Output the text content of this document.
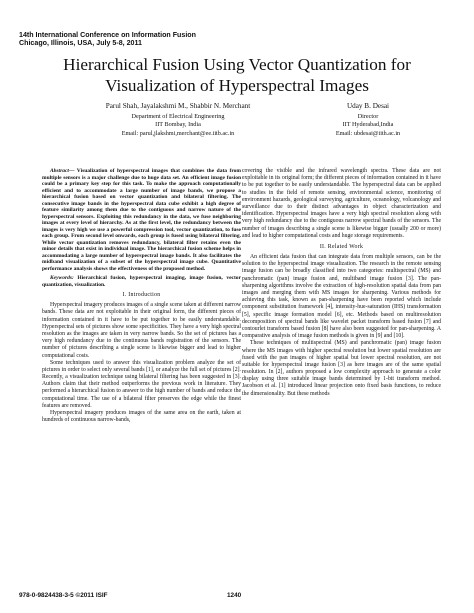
14th International Conference on Information Fusion
Chicago, Illinois, USA, July 5-8, 2011
Hierarchical Fusion Using Vector Quantization for
Visualization of Hyperspectral Images
Parul Shah, Jayalakshmi M., Shabbir N. Merchant
Department of Electrical Engineering
IIT Bombay, India
Email: parul,jlakshmi,merchant@ee.iitb.ac.in
Uday B. Desai
Director
IIT Hyderabad,India
Email: ubdesai@iith.ac.in

Abstract— Visualization of hyperspectral images that combines the data from multiple sensors is a major challenge due to huge data set. An efficient image fusion could be a primary key step for this task. To make the approach computationally efficient and to accommodate a large number of image bands, we propose a hierarchical fusion based on vector quantization and bilateral filtering. The consecutive image bands in the hyperspectral data cube exhibit a high degree of feature similarity among them due to the contiguous and narrow nature of the hyperspectral sensors. Exploiting this redundancy in the data, we fuse neighboring images at every level of hierarchy. As at the first level, the redundancy between the images is very high we use a powerful compression tool, vector quantization, to fuse each group. From second level onwards, each group is fused using bilateral filtering. While vector quantization removes redundancy, bilateral filter retains even the minor details that exist in individual image. The hierarchical fusion scheme helps in accommodating a large number of hyperspectral image bands. It also facilitates the midband visualization of a subset of the hyperspectral image cube. Quantitative performance analysis shows the effectiveness of the proposed method.

Keywords: Hierarchical fusion, hyperspectral imaging, image fusion, vector quantization, visualization.

I. Introduction

Hyperspectral imagery produces images of a single scene taken at different narrow bands. These data are not exploitable in their original form, the different pieces of information contained in it have to be put together to be easily understandable. Hyperspectral sets of pictures show some specificities. They have a very high spectral resolution as the images are taken in very narrow bands. So the set of pictures has a very high redundancy due to the continuous bands registration of the sensors. The number of pictures describing a single scene is likewise bigger and lead to higher computational costs.

Some techniques used to answer this visualization problem analyze the set of pictures in order to select only several bands [1], or analyze the full set of pictures [2]. Recently, a visualization technique using bilateral filtering has been suggested in [3]. Authors claim that their method outperforms the previous work in literature. They performed a hierarchical fusion to answer to the high number of bands and reduce the computational time. The use of a bilateral filter preserves the edge while the finest features are removed.

Hyperspectral imagery produces images of the same area on the earth, taken at hundreds of continuous narrow-bands,

covering the visible and the infrared wavelength spectra. These data are not exploitable in its original form; the different pieces of information contained in it have to be put together to be easily understandable. The hyperspectral data can be applied to studies in the field of remote sensing, environmental science, monitoring of environment hazards, geological surveying, agriculture, oceanology, volcanology and surveillance due to their distinct advantages in object characterization and identification. Hyperspectral images have a very high spectral resolution along with very high redundancy due to the contiguous narrow spectral bands of the sensors. The number of images describing a single scene is likewise bigger (usually 200 or more) and lead to higher computational costs and huge storage requirements.

II. Related Work

An efficient data fusion that can integrate data from multiple sensors, can be the solution to the hyperspectral image visualization. The research in the remote sensing image fusion can be broadly classified into two categories: multispectral (MS) and panchromatic (pan) image fusion and, multiband image fusion [3]. The pan-sharpening algorithms involve the extraction of high-resolution spatial data from pan images and merging them with MS images for sharpening. Various methods for achieving this task, known as pan-sharpening have been reported which include component substitution framework [4], intensity-hue-saturation (IHS) transformation [5], specific image formation model [6], etc. Methods based on multiresolution decomposition of spectral bands like wavelet packet transform based fusion [7] and contourlet transform based fusion [8] have also been suggested for pan-sharpening. A comparative analysis of image fusion methods is given in [9] and [10].

These techniques of multispectral (MS) and panchromatic (pan) image fusion where the MS images with higher spectral resolution but lower spatial resolution are fused with the pan images of higher spatial but lower spectral resolution, are not suitable for hyperspectral image fusion [3] as here images are of the same spatial resolution. In [2], authors proposed a low complexity approach to generate a color display using three suitable image bands determined by 1-bit transform method. Jacobson et al. [1] introduced linear projection onto fixed basis functions, to reduce the dimensionality. But these methods

978-0-9824438-3-5 ©2011 ISIF	1240
